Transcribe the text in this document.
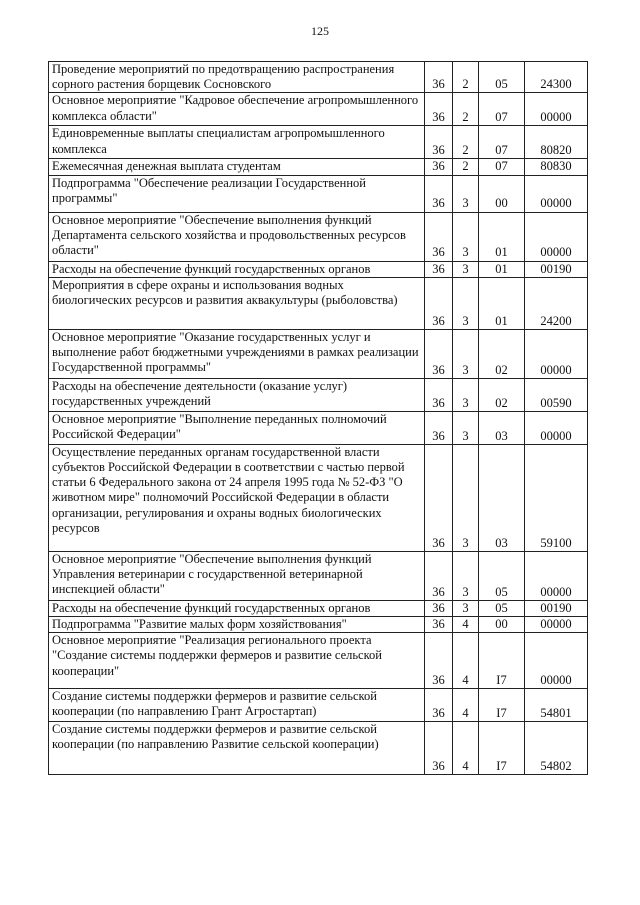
125
Проведение мероприятий по предотвращению распространения сорного растения борщевик Сосновского	36	2	05	24300
Основное мероприятие "Кадровое обеспечение агропромышленного комплекса области"	36	2	07	00000
Единовременные выплаты специалистам агропромышленного комплекса	36	2	07	80820
Ежемесячная денежная выплата студентам	36	2	07	80830
Подпрограмма "Обеспечение реализации Государственной программы"	36	3	00	00000
Основное мероприятие "Обеспечение выполнения функций Департамента сельского хозяйства и продовольственных ресурсов области"	36	3	01	00000
Расходы на обеспечение функций государственных органов	36	3	01	00190
Мероприятия в сфере охраны и использования водных биологических ресурсов и развития аквакультуры (рыболовства)	36	3	01	24200
Основное мероприятие "Оказание государственных услуг и выполнение работ бюджетными учреждениями в рамках реализации Государственной программы"	36	3	02	00000
Расходы на обеспечение деятельности (оказание услуг) государственных учреждений	36	3	02	00590
Основное мероприятие "Выполнение переданных полномочий Российской Федерации"	36	3	03	00000
Осуществление переданных органам государственной власти субъектов Российской Федерации в соответствии с частью первой статьи 6 Федерального закона от 24 апреля 1995 года № 52-ФЗ "О животном мире" полномочий Российской Федерации в области организации, регулирования и охраны водных биологических ресурсов	36	3	03	59100
Основное мероприятие "Обеспечение выполнения функций Управления ветеринарии с государственной ветеринарной инспекцией области"	36	3	05	00000
Расходы на обеспечение функций государственных органов	36	3	05	00190
Подпрограмма "Развитие малых форм хозяйствования"	36	4	00	00000
Основное мероприятие "Реализация регионального проекта "Создание системы поддержки фермеров и развитие сельской кооперации"	36	4	I7	00000
Создание системы поддержки фермеров и развитие сельской кооперации (по направлению Грант Агростартап)	36	4	I7	54801
Создание системы поддержки фермеров и развитие сельской кооперации (по направлению Развитие сельской кооперации)	36	4	I7	54802
